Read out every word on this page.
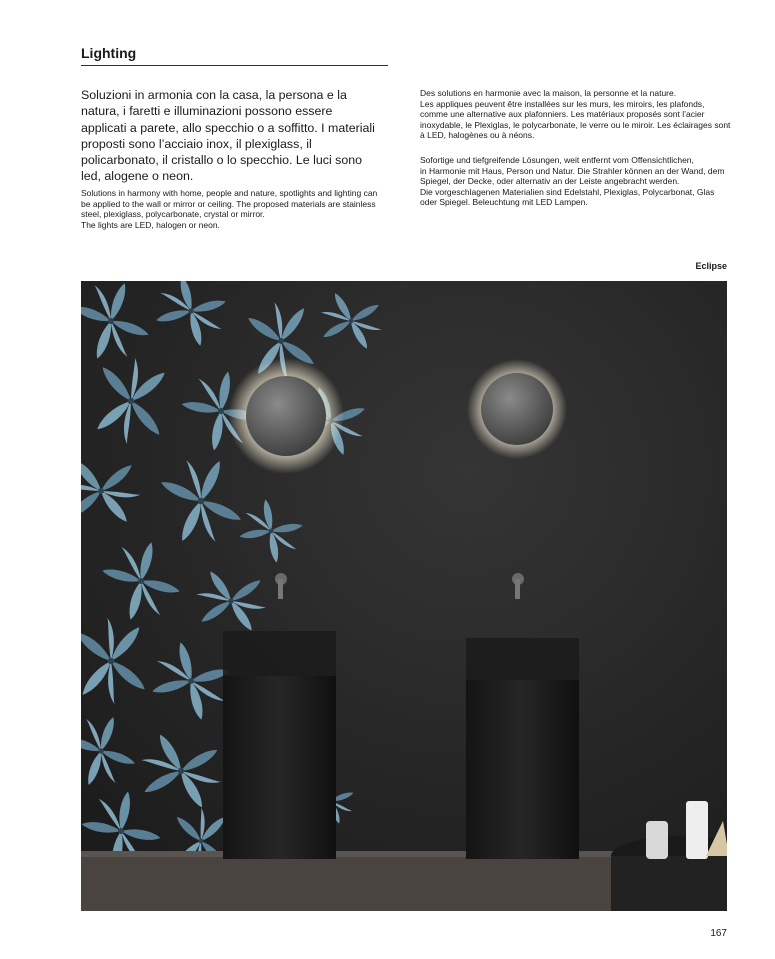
Lighting
Soluzioni in armonia con la casa, la persona e la natura, i faretti e illuminazioni possono essere applicati a parete, allo specchio o a soffitto. I materiali proposti sono l’acciaio inox, il plexiglass, il policarbonato, il cristallo o lo specchio. Le luci sono led, alogene o neon.

Solutions in harmony with home, people and nature, spotlights and lighting can be applied to the wall or mirror or ceiling. The proposed materials are stainless steel, plexiglass, polycarbonate, crystal or mirror.

The lights are LED, halogen or neon.

Des solutions en harmonie avec la maison, la personne et la nature.

Les appliques peuvent être installées sur les murs, les miroirs, les plafonds, comme une alternative aux plafonniers. Les matériaux proposés sont l’acier inoxydable, le Plexiglas, le polycarbonate, le verre ou le miroir. Les éclairages sont à LED, halogènes ou à néons.

Sofortige und tiefgreifende Lösungen, weit entfernt vom Offensichtlichen,

in Harmonie mit Haus, Person und Natur. Die Strahler können an der Wand, dem Spiegel, der Decke, oder alternativ an der Leiste angebracht werden.

Die vorgeschlagenen Materialien sind Edelstahl, Plexiglas, Polycarbonat, Glas oder Spiegel. Beleuchtung mit LED Lampen.

Eclipse
167
